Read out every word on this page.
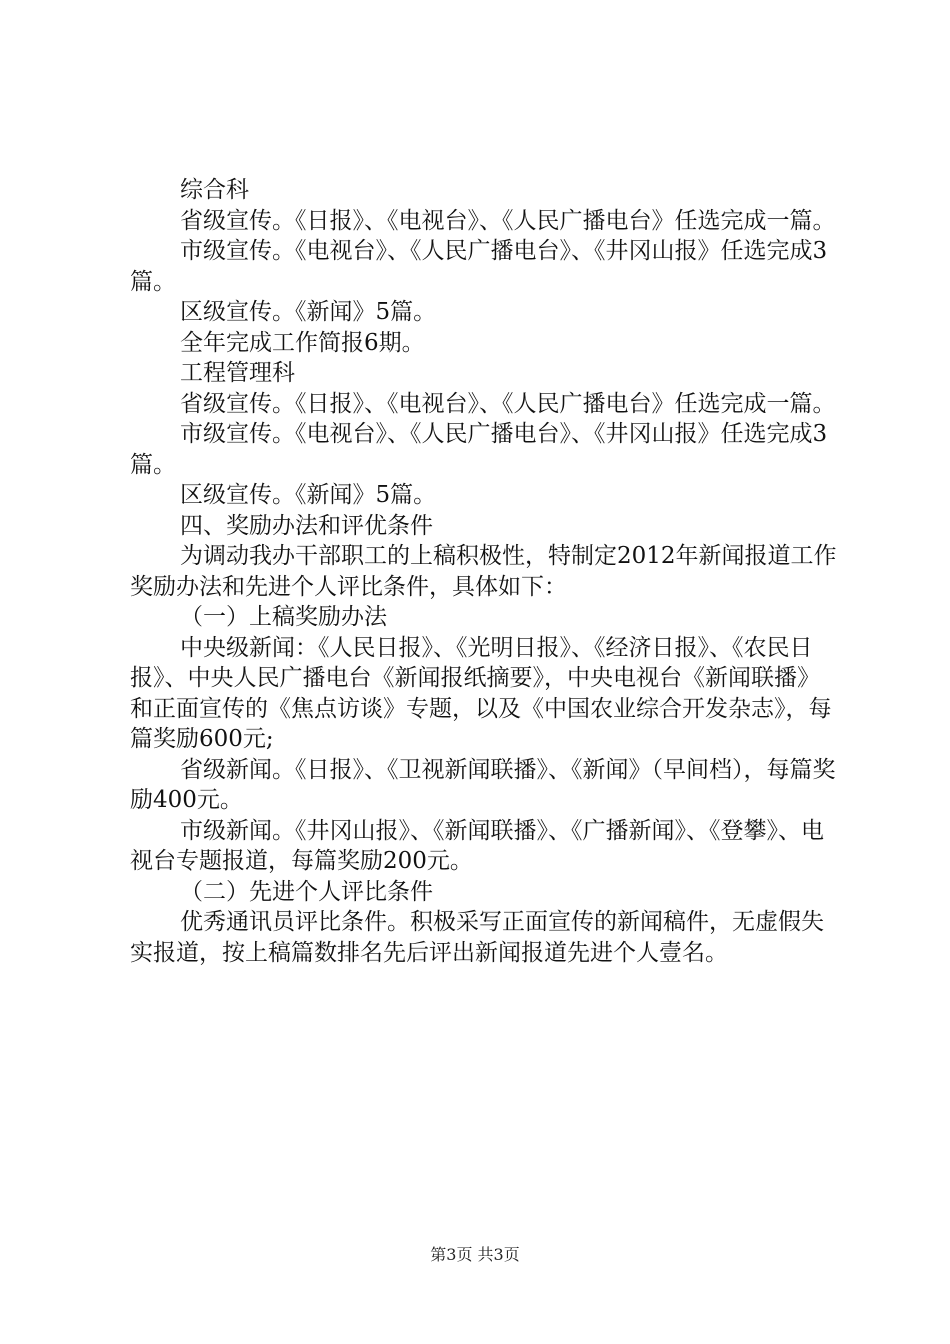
综合科

省级宣传。《日报》、《电视台》、《人民广播电台》任选完成一篇。

市级宣传。《电视台》、《人民广播电台》、《井冈山报》任选完成3篇。

区级宣传。《新闻》5篇。

全年完成工作简报6期。

工程管理科

省级宣传。《日报》、《电视台》、《人民广播电台》任选完成一篇。

市级宣传。《电视台》、《人民广播电台》、《井冈山报》任选完成3篇。

区级宣传。《新闻》5篇。

四、奖励办法和评优条件

为调动我办干部职工的上稿积极性，特制定2012年新闻报道工作奖励办法和先进个人评比条件，具体如下：

（一）上稿奖励办法

中央级新闻：《人民日报》、《光明日报》、《经济日报》、《农民日报》、中央人民广播电台《新闻报纸摘要》，中央电视台《新闻联播》和正面宣传的《焦点访谈》专题，以及《中国农业综合开发杂志》，每篇奖励600元;

省级新闻。《日报》、《卫视新闻联播》、《新闻》（早间档），每篇奖励400元。

市级新闻。《井冈山报》、《新闻联播》、《广播新闻》、《登攀》、电视台专题报道，每篇奖励200元。

（二）先进个人评比条件

优秀通讯员评比条件。积极采写正面宣传的新闻稿件，无虚假失实报道，按上稿篇数排名先后评出新闻报道先进个人壹名。

第3页 共3页
